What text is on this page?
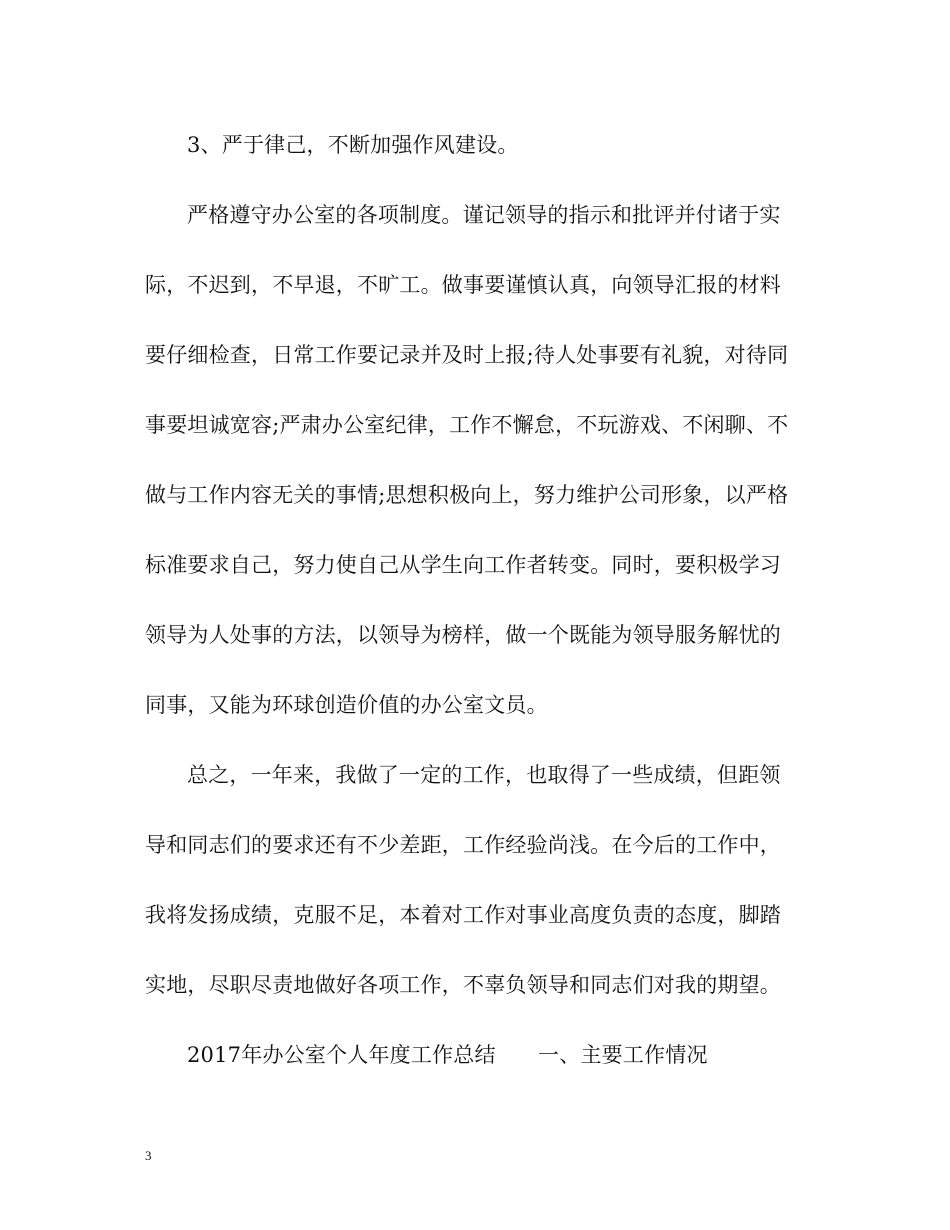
3、严于律己，不断加强作风建设。
严格遵守办公室的各项制度。谨记领导的指示和批评并付诸于实
际，不迟到，不早退，不旷工。做事要谨慎认真，向领导汇报的材料
要仔细检查，日常工作要记录并及时上报;待人处事要有礼貌，对待同
事要坦诚宽容;严肃办公室纪律，工作不懈怠，不玩游戏、不闲聊、不
做与工作内容无关的事情;思想积极向上，努力维护公司形象，以严格
标准要求自己，努力使自己从学生向工作者转变。同时，要积极学习
领导为人处事的方法，以领导为榜样，做一个既能为领导服务解忧的
同事，又能为环球创造价值的办公室文员。
总之，一年来，我做了一定的工作，也取得了一些成绩，但距领
导和同志们的要求还有不少差距，工作经验尚浅。在今后的工作中，
我将发扬成绩，克服不足，本着对工作对事业高度负责的态度，脚踏
实地，尽职尽责地做好各项工作，不辜负领导和同志们对我的期望。
2017年办公室个人年度工作总结　　一、主要工作情况
3
